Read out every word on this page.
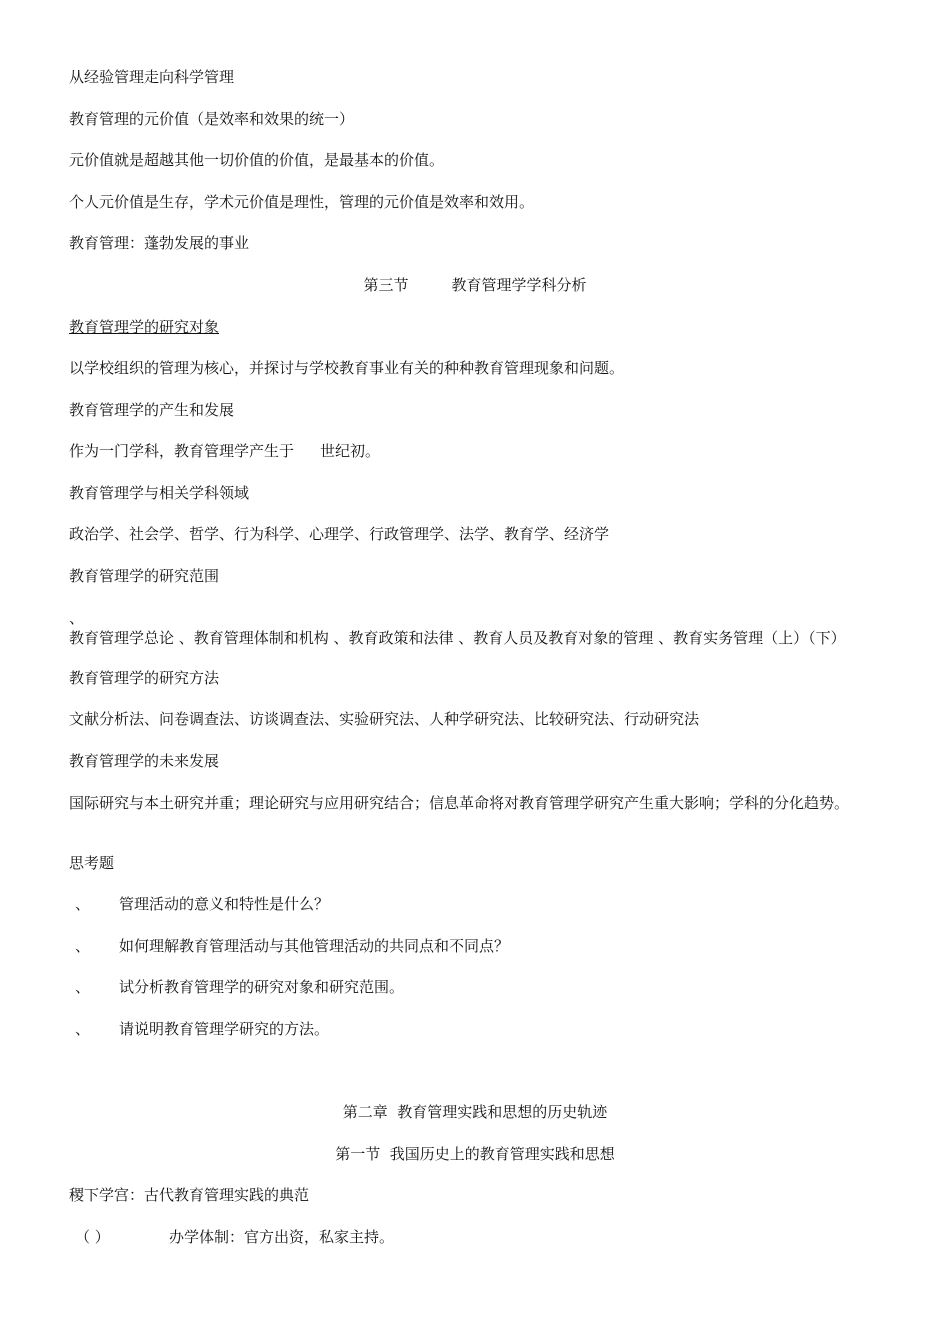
从经验管理走向科学管理
教育管理的元价值（是效率和效果的统一）
元价值就是超越其他一切价值的价值，是最基本的价值。
个人元价值是生存，学术元价值是理性，管理的元价值是效率和效用。
教育管理：蓬勃发展的事业
第三节         教育管理学学科分析
教育管理学的研究对象
以学校组织的管理为核心，并探讨与学校教育事业有关的种种教育管理现象和问题。
教育管理学的产生和发展
作为一门学科，教育管理学产生于 世纪初。
教育管理学与相关学科领域
政治学、社会学、哲学、行为科学、心理学、行政管理学、法学、教育学、经济学
教育管理学的研究范围
、教育管理学总论 、教育管理体制和机构 、教育政策和法律 、教育人员及教育对象的管理 、教育实务管理（上）（下）
教育管理学的研究方法
文献分析法、问卷调查法、访谈调查法、实验研究法、人种学研究法、比较研究法、行动研究法
教育管理学的未来发展
国际研究与本土研究并重；理论研究与应用研究结合；信息革命将对教育管理学研究产生重大影响；学科的分化趋势。
思考题
、 管理活动的意义和特性是什么？
、 如何理解教育管理活动与其他管理活动的共同点和不同点？
、 试分析教育管理学的研究对象和研究范围。
、 请说明教育管理学研究的方法。
第二章  教育管理实践和思想的历史轨迹
第一节  我国历史上的教育管理实践和思想
稷下学宫：古代教育管理实践的典范
（ ）	办学体制：官方出资，私家主持。
